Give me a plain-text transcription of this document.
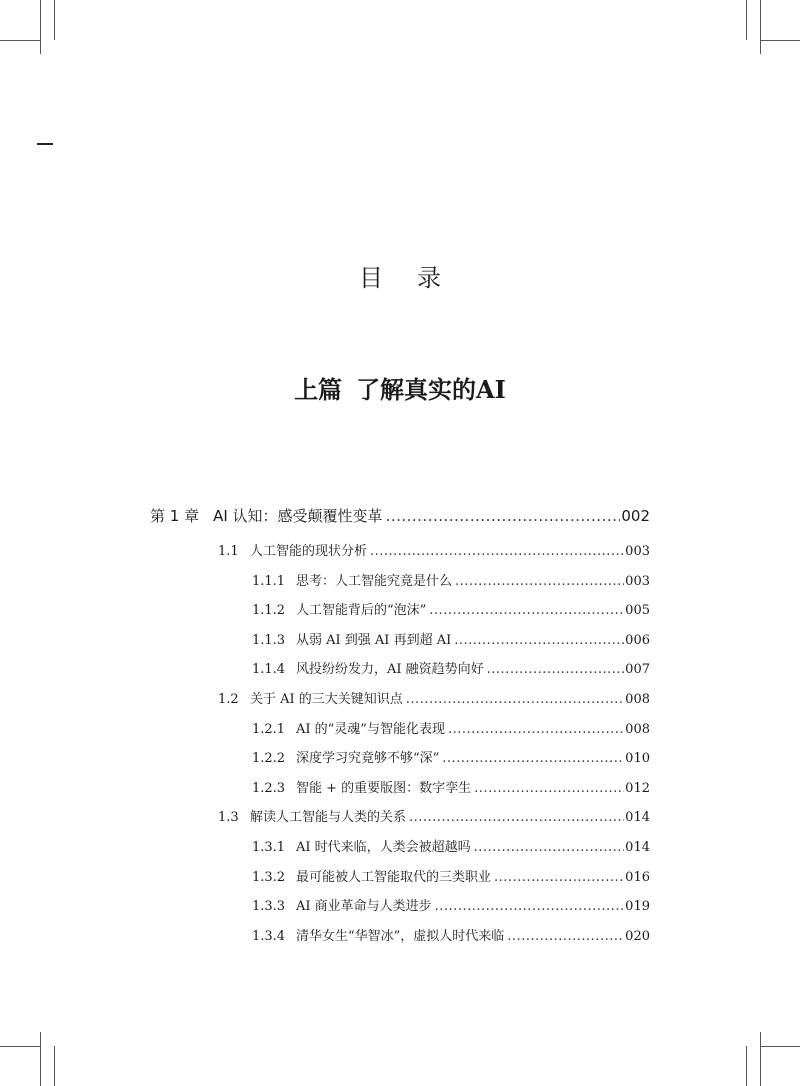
目 录
上篇 了解真实的AI
第 1 章 AI 认知：感受颠覆性变革 .....	002
1.1 人工智能的现状分析 .....	003
1.1.1 思考：人工智能究竟是什么 .....	003
1.1.2 人工智能背后的“泡沫” .....	005
1.1.3 从弱 AI 到强 AI 再到超 AI .....	006
1.1.4 风投纷纷发力，AI 融资趋势向好 .....	007
1.2 关于 AI 的三大关键知识点 .....	008
1.2.1 AI 的“灵魂”与智能化表现 .....	008
1.2.2 深度学习究竟够不够“深” .....	010
1.2.3 智能 + 的重要版图：数字孪生 .....	012
1.3 解读人工智能与人类的关系 .....	014
1.3.1 AI 时代来临，人类会被超越吗 .....	014
1.3.2 最可能被人工智能取代的三类职业 .....	016
1.3.3 AI 商业革命与人类进步 .....	019
1.3.4 清华女生“华智冰”，虚拟人时代来临 .....	020
